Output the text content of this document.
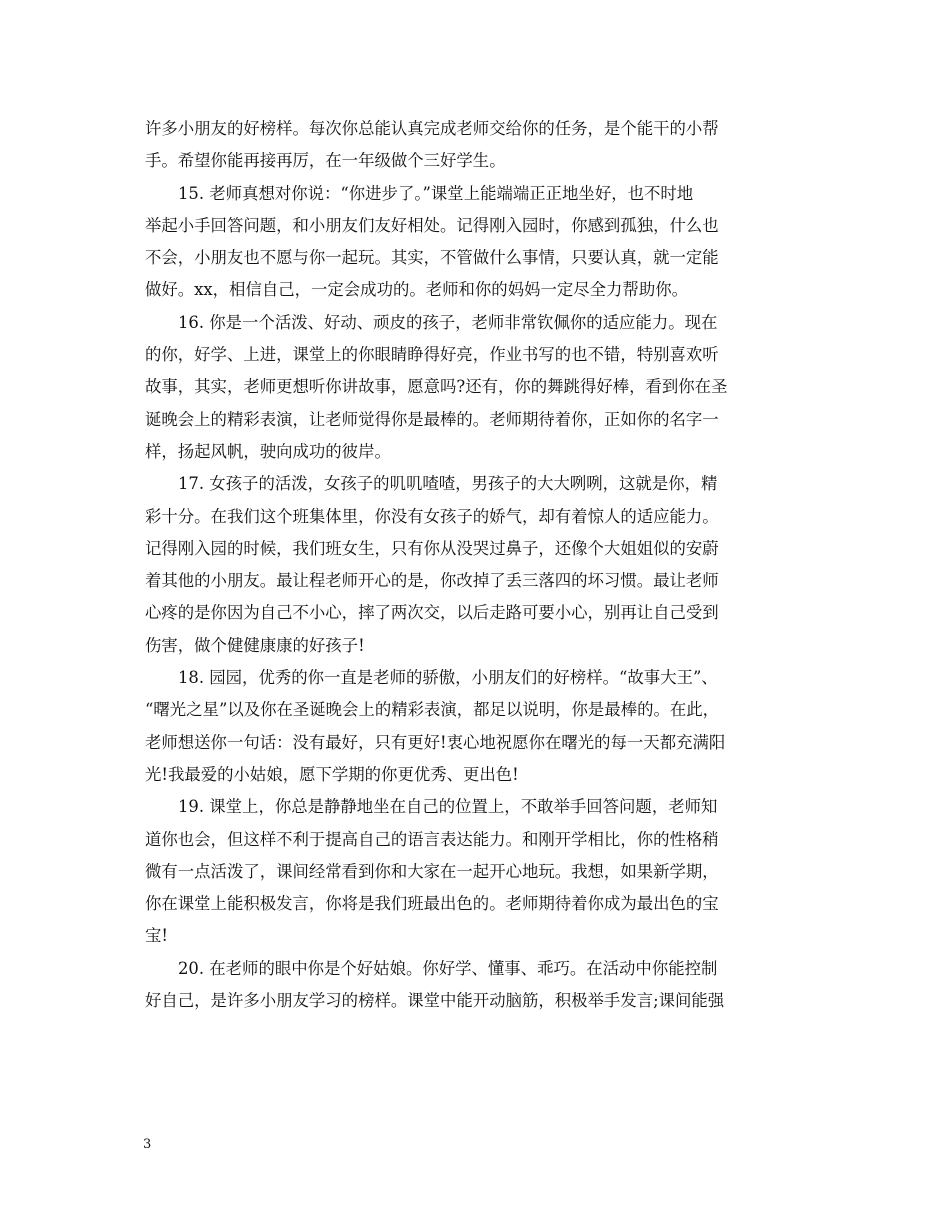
许多小朋友的好榜样。每次你总能认真完成老师交给你的任务，是个能干的小帮
手。希望你能再接再厉，在一年级做个三好学生。
15. 老师真想对你说：“你进步了。”课堂上能端端正正地坐好，也不时地
举起小手回答问题，和小朋友们友好相处。记得刚入园时，你感到孤独，什么也
不会，小朋友也不愿与你一起玩。其实，不管做什么事情，只要认真，就一定能
做好。xx，相信自己，一定会成功的。老师和你的妈妈一定尽全力帮助你。
16. 你是一个活泼、好动、顽皮的孩子，老师非常钦佩你的适应能力。现在
的你，好学、上进，课堂上的你眼睛睁得好亮，作业书写的也不错，特别喜欢听
故事，其实，老师更想听你讲故事，愿意吗?还有，你的舞跳得好棒，看到你在圣
诞晚会上的精彩表演，让老师觉得你是最棒的。老师期待着你，正如你的名字一
样，扬起风帆，驶向成功的彼岸。
17. 女孩子的活泼，女孩子的叽叽喳喳，男孩子的大大咧咧，这就是你，精
彩十分。在我们这个班集体里，你没有女孩子的娇气，却有着惊人的适应能力。
记得刚入园的时候，我们班女生，只有你从没哭过鼻子，还像个大姐姐似的安蔚
着其他的小朋友。最让程老师开心的是，你改掉了丢三落四的坏习惯。最让老师
心疼的是你因为自己不小心，摔了两次交，以后走路可要小心，别再让自己受到
伤害，做个健健康康的好孩子!
18. 园园，优秀的你一直是老师的骄傲，小朋友们的好榜样。“故事大王”、
“曙光之星”以及你在圣诞晚会上的精彩表演，都足以说明，你是最棒的。在此，
老师想送你一句话：没有最好，只有更好!衷心地祝愿你在曙光的每一天都充满阳
光!我最爱的小姑娘，愿下学期的你更优秀、更出色!
19. 课堂上，你总是静静地坐在自己的位置上，不敢举手回答问题，老师知
道你也会，但这样不利于提高自己的语言表达能力。和刚开学相比，你的性格稍
微有一点活泼了，课间经常看到你和大家在一起开心地玩。我想，如果新学期，
你在课堂上能积极发言，你将是我们班最出色的。老师期待着你成为最出色的宝
宝!
20. 在老师的眼中你是个好姑娘。你好学、懂事、乖巧。在活动中你能控制
好自己，是许多小朋友学习的榜样。课堂中能开动脑筋，积极举手发言;课间能强
3
